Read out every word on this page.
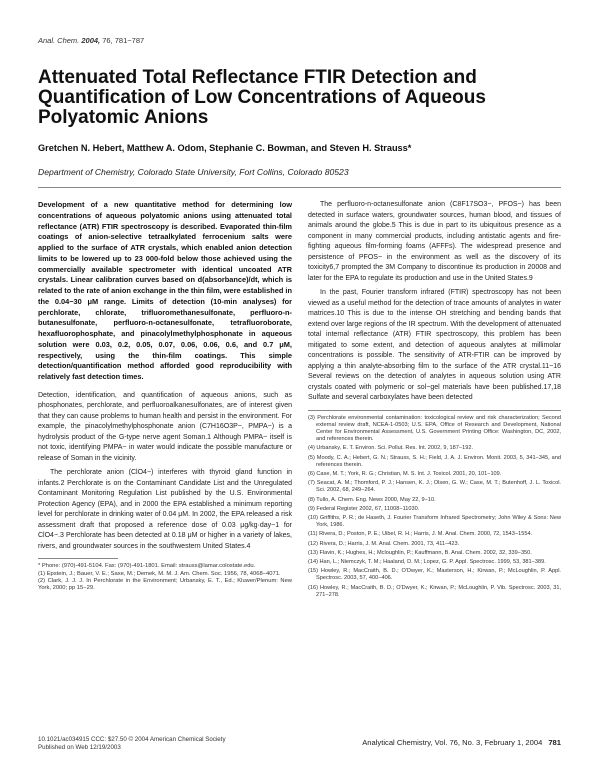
Anal. Chem. 2004, 76, 781−787
Attenuated Total Reflectance FTIR Detection and Quantification of Low Concentrations of Aqueous Polyatomic Anions
Gretchen N. Hebert, Matthew A. Odom, Stephanie C. Bowman, and Steven H. Strauss*
Department of Chemistry, Colorado State University, Fort Collins, Colorado 80523

Development of a new quantitative method for determining low concentrations of aqueous polyatomic anions using attenuated total reflectance (ATR) FTIR spectroscopy is described. Evaporated thin-film coatings of anion-selective tetraalkylated ferrocenium salts were applied to the surface of ATR crystals, which enabled anion detection limits to be lowered up to 23 000-fold below those achieved using the commercially available spectrometer with identical uncoated ATR crystals. Linear calibration curves based on d(absorbance)/dt, which is related to the rate of anion exchange in the thin film, were established in the 0.04−30 μM range. Limits of detection (10-min analyses) for perchlorate, chlorate, trifluoromethanesulfonate, perfluoro-n-butanesulfonate, perfluoro-n-octanesulfonate, tetrafluoroborate, hexafluorophosphate, and pinacolylmethylphosphonate in aqueous solution were 0.03, 0.2, 0.05, 0.07, 0.06, 0.06, 0.6, and 0.7 μM, respectively, using the thin-film coatings. This simple detection/quantification method afforded good reproducibility with relatively fast detection times.

Detection, identification, and quantification of aqueous anions, such as phosphonates, perchlorate, and perfluoroalkanesulfonates, are of interest given that they can cause problems to human health and persist in the environment. For example, the pinacolylmethylphosphonate anion (C7H16O3P−, PMPA−) is a hydrolysis product of the G-type nerve agent Soman.1 Although PMPA− itself is not toxic, identifying PMPA− in water would indicate the possible manufacture or release of Soman in the vicinity.

The perchlorate anion (ClO4−) interferes with thyroid gland function in infants.2 Perchlorate is on the Contaminant Candidate List and the Unregulated Contaminant Monitoring Regulation List published by the U.S. Environmental Protection Agency (EPA), and in 2000 the EPA established a minimum reporting level for perchlorate in drinking water of 0.04 μM. In 2002, the EPA released a risk assessment draft that proposed a reference dose of 0.03 μg/kg·day−1 for ClO4−.3 Perchlorate has been detected at 0.18 μM or higher in a variety of lakes, rivers, and groundwater sources in the southwestern United States.4

* Phone: (970)-491-5104. Fax: (970)-491-1801. Email: strauss@lamar.colostate.edu.

(1) Epstein, J.; Bauer, V. E.; Saxe, M.; Demek, M. M. J. Am. Chem. Soc. 1956, 78, 4068−4071.

(2) Clark, J. J. J. In Perchlorate in the Environment; Urbansky, E. T., Ed.; Kluwer/Plenum: New York, 2000; pp 15−29.

The perfluoro-n-octanesulfonate anion (C8F17SO3−, PFOS−) has been detected in surface waters, groundwater sources, human blood, and tissues of animals around the globe.5 This is due in part to its ubiquitous presence as a component in many commercial products, including antistatic agents and fire-fighting aqueous film-forming foams (AFFFs). The widespread presence and persistence of PFOS− in the environment as well as the discovery of its toxicity6,7 prompted the 3M Company to discontinue its production in 20008 and later for the EPA to regulate its production and use in the United States.9

In the past, Fourier transform infrared (FTIR) spectroscopy has not been viewed as a useful method for the detection of trace amounts of analytes in water matrices.10 This is due to the intense OH stretching and bending bands that extend over large regions of the IR spectrum. With the development of attenuated total internal reflectance (ATR) FTIR spectroscopy, this problem has been mitigated to some extent, and detection of aqueous analytes at millimolar concentrations is possible. The sensitivity of ATR-FTIR can be improved by applying a thin analyte-absorbing film to the surface of the ATR crystal.11−16 Several reviews on the detection of analytes in aqueous solution using ATR crystals coated with polymeric or sol−gel materials have been published.17,18 Sulfate and several carboxylates have been detected

(3) Perchlorate environmental contamination: toxicological review and risk characterization; Second external review draft, NCEA-1-0503; U.S. EPA, Office of Research and Development, National Center for Environmental Assessment, U.S. Government Printing Office: Washington, DC, 2002, and references therein.

(4) Urbansky, E. T. Environ. Sci. Pollut. Res. Int. 2002, 9, 187−192.

(5) Moody, C. A.; Hebert, G. N.; Strauss, S. H.; Field, J. A. J. Environ. Monit. 2003, 5, 341−345, and references therein.

(6) Case, M. T.; York, R. G.; Christian, M. S. Int. J. Toxicol. 2001, 20, 101−109.

(7) Seacat, A. M.; Thomford, P. J.; Hansen, K. J.; Olsen, G. W.; Case, M. T.; Butenhoff, J. L. Toxicol. Sci. 2002, 68, 249−264.

(8) Tullo, A. Chem. Eng. News 2000, May 22, 9−10.

(9) Federal Register 2002, 67, 11008−11030.

(10) Griffiths, P. R.; de Haseth, J. Fourier Transform Infrared Spectrometry; John Wiley & Sons: New York, 1986.

(11) Rivera, D.; Poston, P. E.; Uibel, R. H.; Harris, J. M. Anal. Chem. 2000, 72, 1543−1554.

(12) Rivera, D.; Harris, J. M. Anal. Chem. 2001, 73, 411−423.

(13) Flavin, K.; Hughes, H.; Mcloughlin, P.; Kauffmann, B. Anal. Chem. 2002, 32, 339−350.

(14) Han, L.; Niemczyk, T. M.; Haaland, D. M.; Lopez, G. P. Appl. Spectrosc. 1999, 53, 381−389.

(15) Howley, R.; MacCraith, B. D.; O'Dwyer, K.; Masterson, H.; Kirwan, P.; McLoughlin, P. Appl. Spectrosc. 2003, 57, 400−406.

(16) Howley, R.; MacCraith, B. D.; O'Dwyer, K.; Kirwan, P.; McLoughlin, P. Vib. Spectrosc. 2003, 31, 271−278.

10.1021/ac034915 CCC: $27.50 © 2004 American Chemical Society
Published on Web 12/19/2003
Analytical Chemistry, Vol. 76, No. 3, February 1, 2004 781
